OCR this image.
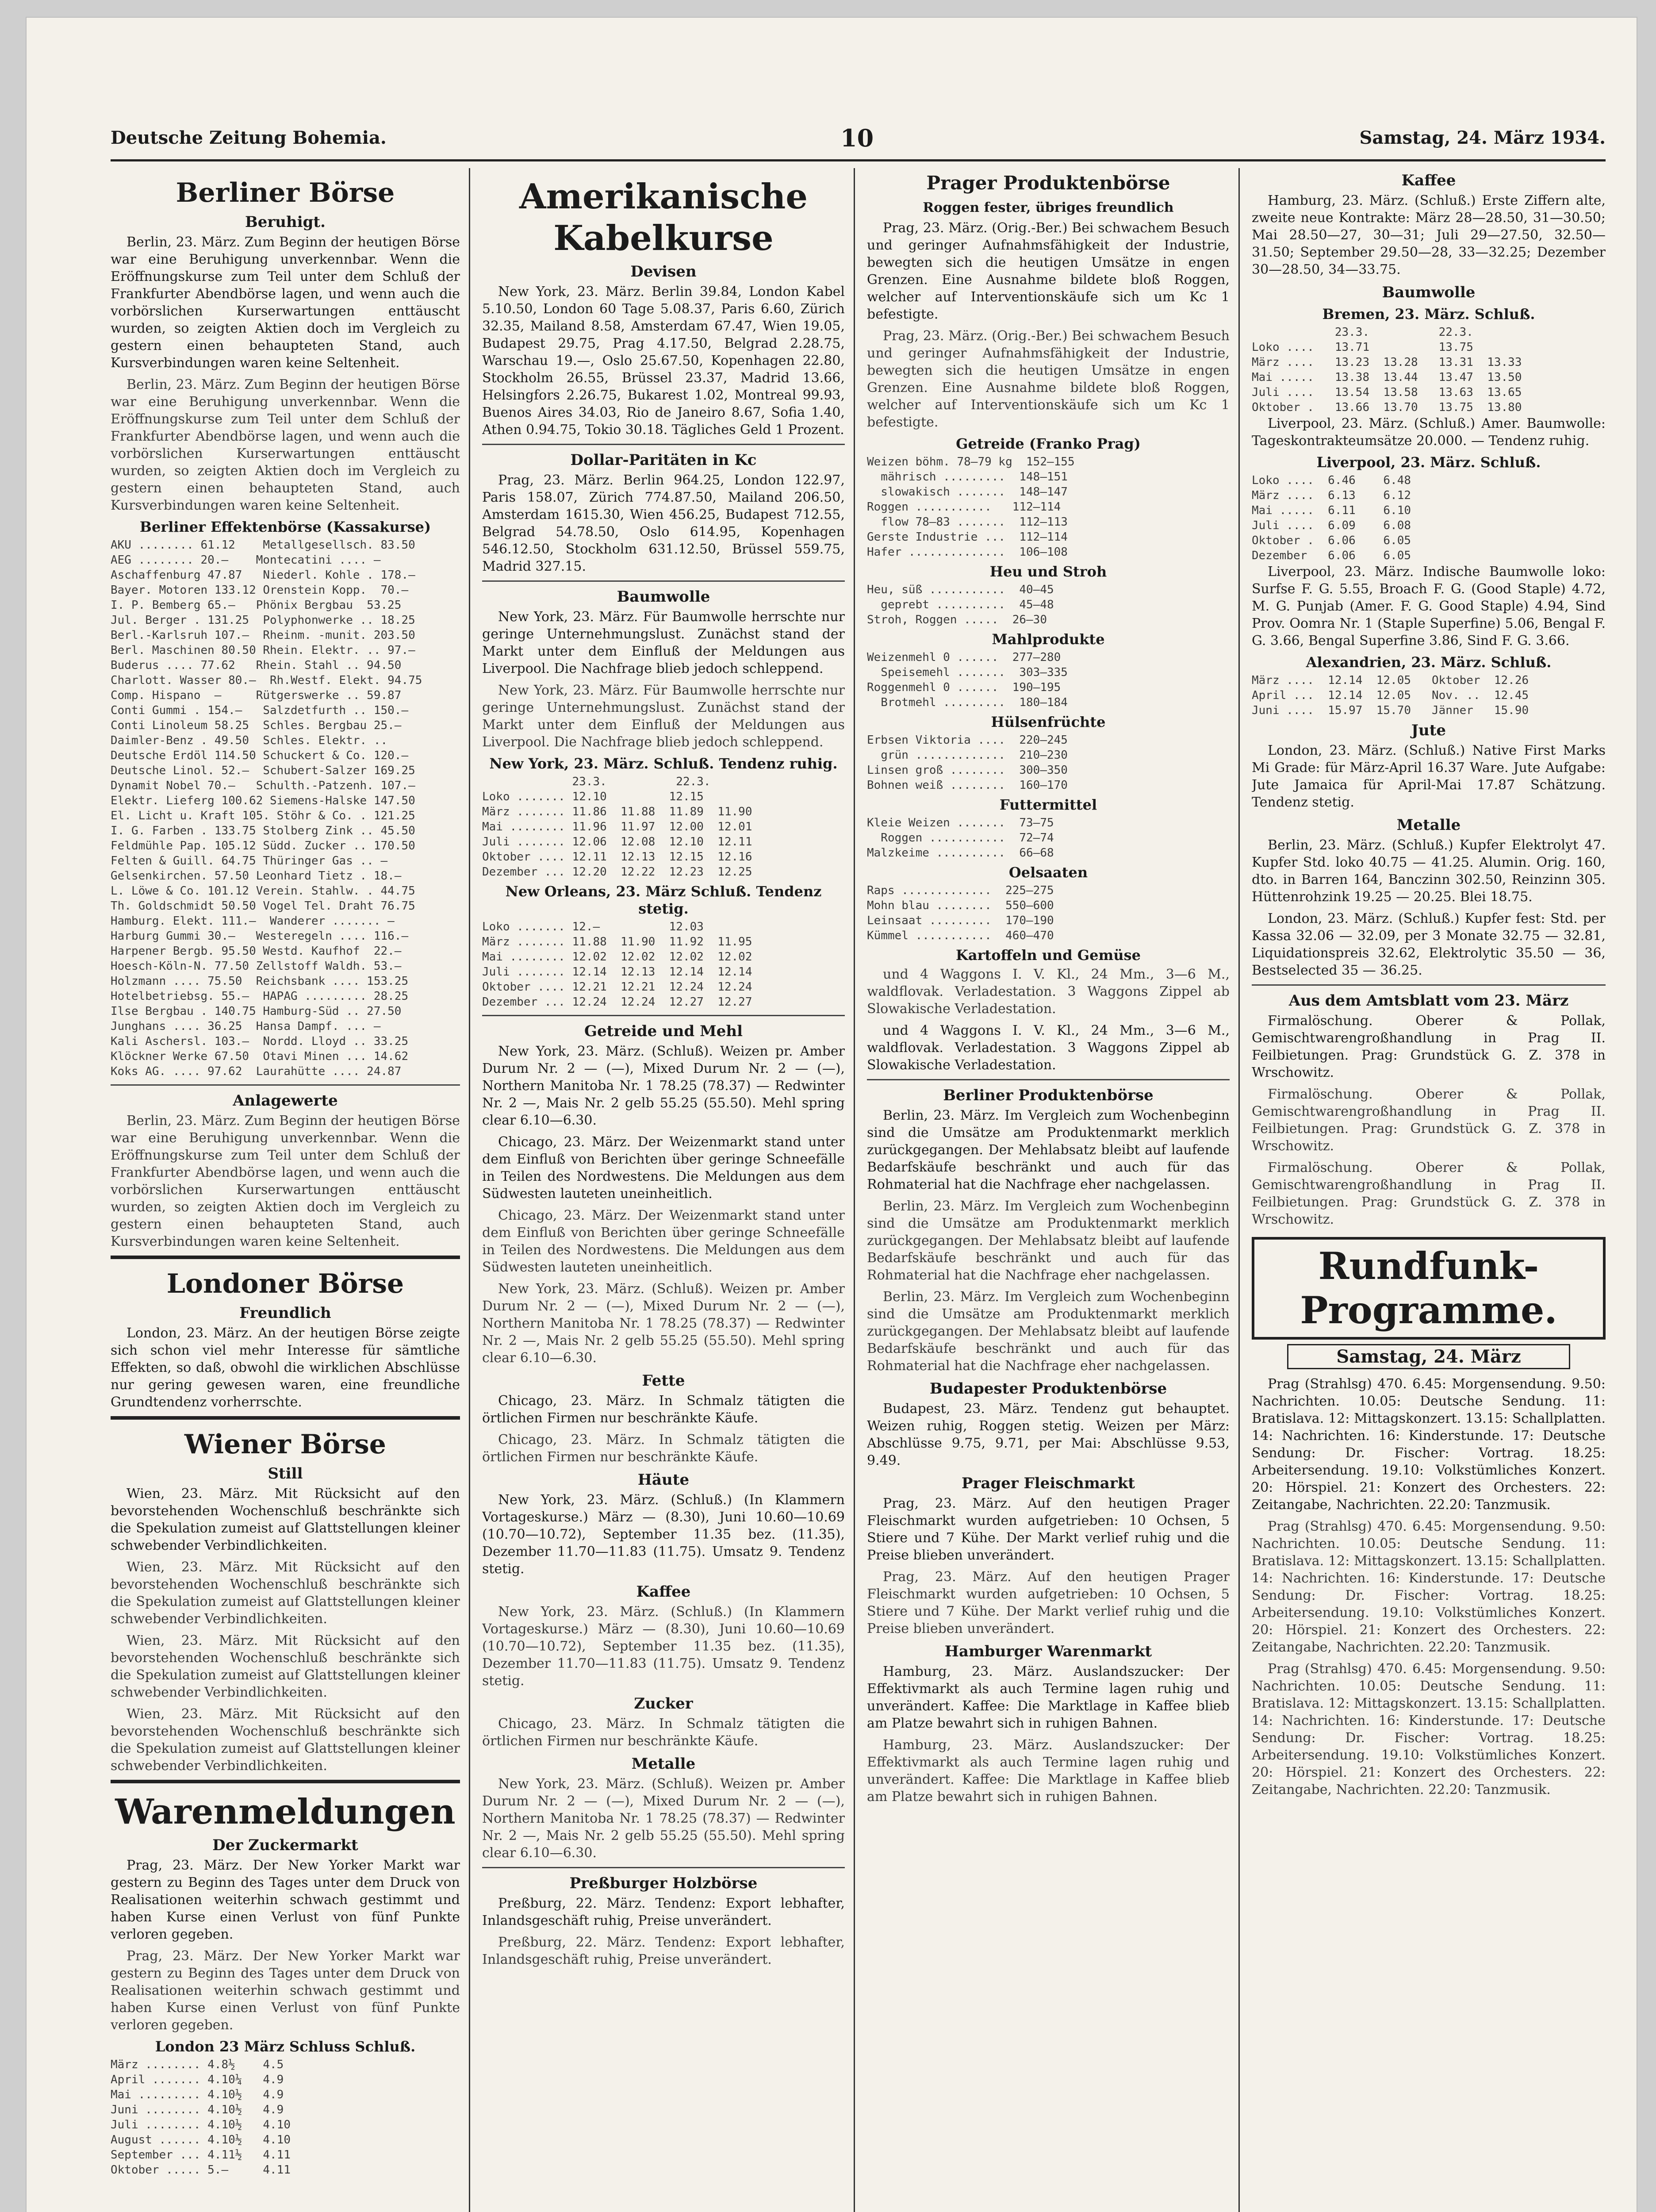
Deutsche Zeitung Bohemia.	10	Samstag, 24. März 1934.
Berliner Börse
Beruhigt.
Berlin, 23. März. Zum Beginn der heutigen Börse war eine Beruhigung unverkennbar. Wenn die Eröffnungskurse zum Teil unter dem Schluß der Frankfurter Abendbörse lagen, und wenn auch die vorbörslichen Kurserwartungen enttäuscht wurden, so zeigten Aktien doch im Vergleich zu gestern einen behaupteten Stand, auch Kursverbindungen waren keine Seltenheit.
Berlin, 23. März. Zum Beginn der heutigen Börse war eine Beruhigung unverkennbar. Wenn die Eröffnungskurse zum Teil unter dem Schluß der Frankfurter Abendbörse lagen, und wenn auch die vorbörslichen Kurserwartungen enttäuscht wurden, so zeigten Aktien doch im Vergleich zu gestern einen behaupteten Stand, auch Kursverbindungen waren keine Seltenheit.
Berliner Effektenbörse (Kassakurse)
AKU ........ 61.12    Metallgesellsch. 83.50
AEG ........ 20.—    Montecatini .... —
Aschaffenburg 47.87   Niederl. Kohle . 178.—
Bayer. Motoren 133.12 Orenstein Kopp.  70.—
I. P. Bemberg 65.—   Phönix Bergbau  53.25
Jul. Berger . 131.25  Polyphonwerke .. 18.25
Berl.-Karlsruh 107.—  Rheinm. -munit. 203.50
Berl. Maschinen 80.50 Rhein. Elektr. .. 97.—
Buderus .... 77.62   Rhein. Stahl .. 94.50
Charlott. Wasser 80.—  Rh.Westf. Elekt. 94.75
Comp. Hispano  —     Rütgerswerke .. 59.87
Conti Gummi . 154.—   Salzdetfurth .. 150.—
Conti Linoleum 58.25  Schles. Bergbau 25.—
Daimler-Benz . 49.50  Schles. Elektr. ..
Deutsche Erdöl 114.50 Schuckert & Co. 120.—
Deutsche Linol. 52.—  Schubert-Salzer 169.25
Dynamit Nobel 70.—   Schulth.-Patzenh. 107.—
Elektr. Lieferg 100.62 Siemens-Halske 147.50
El. Licht u. Kraft 105. Stöhr & Co. . 121.25
I. G. Farben . 133.75 Stolberg Zink .. 45.50
Feldmühle Pap. 105.12 Südd. Zucker .. 170.50
Felten & Guill. 64.75 Thüringer Gas .. —
Gelsenkirchen. 57.50 Leonhard Tietz . 18.—
L. Löwe & Co. 101.12 Verein. Stahlw. . 44.75
Th. Goldschmidt 50.50 Vogel Tel. Draht 76.75
Hamburg. Elekt. 111.—  Wanderer ....... —
Harburg Gummi 30.—   Westeregeln .... 116.—
Harpener Bergb. 95.50 Westd. Kaufhof  22.—
Hoesch-Köln-N. 77.50 Zellstoff Waldh. 53.—
Holzmann .... 75.50  Reichsbank .... 153.25
Hotelbetriebsg. 55.—  HAPAG ......... 28.25
Ilse Bergbau . 140.75 Hamburg-Süd .. 27.50
Junghans .... 36.25  Hansa Dampf. ... —
Kali Aschersl. 103.—  Nordd. Lloyd .. 33.25
Klöckner Werke 67.50  Otavi Minen ... 14.62
Koks AG. .... 97.62  Laurahütte .... 24.87
Anlagewerte
Berlin, 23. März. Zum Beginn der heutigen Börse war eine Beruhigung unverkennbar. Wenn die Eröffnungskurse zum Teil unter dem Schluß der Frankfurter Abendbörse lagen, und wenn auch die vorbörslichen Kurserwartungen enttäuscht wurden, so zeigten Aktien doch im Vergleich zu gestern einen behaupteten Stand, auch Kursverbindungen waren keine Seltenheit.
Londoner Börse
Freundlich
London, 23. März. An der heutigen Börse zeigte sich schon viel mehr Interesse für sämtliche Effekten, so daß, obwohl die wirklichen Abschlüsse nur gering gewesen waren, eine freundliche Grundtendenz vorherrschte.
Wiener Börse
Still
Wien, 23. März. Mit Rücksicht auf den bevorstehenden Wochenschluß beschränkte sich die Spekulation zumeist auf Glattstellungen kleiner schwebender Verbindlichkeiten.
Wien, 23. März. Mit Rücksicht auf den bevorstehenden Wochenschluß beschränkte sich die Spekulation zumeist auf Glattstellungen kleiner schwebender Verbindlichkeiten.
Wien, 23. März. Mit Rücksicht auf den bevorstehenden Wochenschluß beschränkte sich die Spekulation zumeist auf Glattstellungen kleiner schwebender Verbindlichkeiten.
Wien, 23. März. Mit Rücksicht auf den bevorstehenden Wochenschluß beschränkte sich die Spekulation zumeist auf Glattstellungen kleiner schwebender Verbindlichkeiten.
Warenmeldungen
Der Zuckermarkt
Prag, 23. März. Der New Yorker Markt war gestern zu Beginn des Tages unter dem Druck von Realisationen weiterhin schwach gestimmt und haben Kurse einen Verlust von fünf Punkte verloren gegeben.
Prag, 23. März. Der New Yorker Markt war gestern zu Beginn des Tages unter dem Druck von Realisationen weiterhin schwach gestimmt und haben Kurse einen Verlust von fünf Punkte verloren gegeben.
London 23 März Schluss Schluß.
März ........ 4.8½    4.5
April ....... 4.10¼   4.9
Mai ......... 4.10½   4.9
Juni ........ 4.10½   4.9
Juli ........ 4.10½   4.10
August ...... 4.10½   4.10
September ... 4.11½   4.11
Oktober ..... 5.—     4.11
Amerikanische Kabelkurse
Devisen
New York, 23. März. Berlin 39.84, London Kabel 5.10.50, London 60 Tage 5.08.37, Paris 6.60, Zürich 32.35, Mailand 8.58, Amsterdam 67.47, Wien 19.05, Budapest 29.75, Prag 4.17.50, Belgrad 2.28.75, Warschau 19.—, Oslo 25.67.50, Kopenhagen 22.80, Stockholm 26.55, Brüssel 23.37, Madrid 13.66, Helsingfors 2.26.75, Bukarest 1.02, Montreal 99.93, Buenos Aires 34.03, Rio de Janeiro 8.67, Sofia 1.40, Athen 0.94.75, Tokio 30.18. Tägliches Geld 1 Prozent.
Dollar-Paritäten in Kc
Prag, 23. März. Berlin 964.25, London 122.97, Paris 158.07, Zürich 774.87.50, Mailand 206.50, Amsterdam 1615.30, Wien 456.25, Budapest 712.55, Belgrad 54.78.50, Oslo 614.95, Kopenhagen 546.12.50, Stockholm 631.12.50, Brüssel 559.75, Madrid 327.15.
Baumwolle
New York, 23. März. Für Baumwolle herrschte nur geringe Unternehmungslust. Zunächst stand der Markt unter dem Einfluß der Meldungen aus Liverpool. Die Nachfrage blieb jedoch schleppend.
New York, 23. März. Für Baumwolle herrschte nur geringe Unternehmungslust. Zunächst stand der Markt unter dem Einfluß der Meldungen aus Liverpool. Die Nachfrage blieb jedoch schleppend.
New York, 23. März. Schluß. Tendenz ruhig.
23.3.          22.3.
Loko ....... 12.10         12.15
März ....... 11.86  11.88  11.89  11.90
Mai ........ 11.96  11.97  12.00  12.01
Juli ....... 12.06  12.08  12.10  12.11
Oktober .... 12.11  12.13  12.15  12.16
Dezember ... 12.20  12.22  12.23  12.25
New Orleans, 23. März Schluß. Tendenz stetig.
Loko ....... 12.—          12.03
März ....... 11.88  11.90  11.92  11.95
Mai ........ 12.02  12.02  12.02  12.02
Juli ....... 12.14  12.13  12.14  12.14
Oktober .... 12.21  12.21  12.24  12.24
Dezember ... 12.24  12.24  12.27  12.27
Getreide und Mehl
New York, 23. März. (Schluß). Weizen pr. Amber Durum Nr. 2 — (—), Mixed Durum Nr. 2 — (—), Northern Manitoba Nr. 1 78.25 (78.37) — Redwinter Nr. 2 —, Mais Nr. 2 gelb 55.25 (55.50). Mehl spring clear 6.10—6.30.
Chicago, 23. März. Der Weizenmarkt stand unter dem Einfluß von Berichten über geringe Schneefälle in Teilen des Nordwestens. Die Meldungen aus dem Südwesten lauteten uneinheitlich.
Chicago, 23. März. Der Weizenmarkt stand unter dem Einfluß von Berichten über geringe Schneefälle in Teilen des Nordwestens. Die Meldungen aus dem Südwesten lauteten uneinheitlich.
New York, 23. März. (Schluß). Weizen pr. Amber Durum Nr. 2 — (—), Mixed Durum Nr. 2 — (—), Northern Manitoba Nr. 1 78.25 (78.37) — Redwinter Nr. 2 —, Mais Nr. 2 gelb 55.25 (55.50). Mehl spring clear 6.10—6.30.
Fette
Chicago, 23. März. In Schmalz tätigten die örtlichen Firmen nur beschränkte Käufe.
Chicago, 23. März. In Schmalz tätigten die örtlichen Firmen nur beschränkte Käufe.
Häute
New York, 23. März. (Schluß.) (In Klammern Vortageskurse.) März — (8.30), Juni 10.60—10.69 (10.70—10.72), September 11.35 bez. (11.35), Dezember 11.70—11.83 (11.75). Umsatz 9. Tendenz stetig.
Kaffee
New York, 23. März. (Schluß.) (In Klammern Vortageskurse.) März — (8.30), Juni 10.60—10.69 (10.70—10.72), September 11.35 bez. (11.35), Dezember 11.70—11.83 (11.75). Umsatz 9. Tendenz stetig.
Zucker
Chicago, 23. März. In Schmalz tätigten die örtlichen Firmen nur beschränkte Käufe.
Metalle
New York, 23. März. (Schluß). Weizen pr. Amber Durum Nr. 2 — (—), Mixed Durum Nr. 2 — (—), Northern Manitoba Nr. 1 78.25 (78.37) — Redwinter Nr. 2 —, Mais Nr. 2 gelb 55.25 (55.50). Mehl spring clear 6.10—6.30.
Preßburger Holzbörse
Preßburg, 22. März. Tendenz: Export lebhafter, Inlandsgeschäft ruhig, Preise unverändert.
Preßburg, 22. März. Tendenz: Export lebhafter, Inlandsgeschäft ruhig, Preise unverändert.
Prager Produktenbörse
Roggen fester, übriges freundlich
Prag, 23. März. (Orig.-Ber.) Bei schwachem Besuch und geringer Aufnahmsfähigkeit der Industrie, bewegten sich die heutigen Umsätze in engen Grenzen. Eine Ausnahme bildete bloß Roggen, welcher auf Interventionskäufe sich um Kc 1 befestigte.
Prag, 23. März. (Orig.-Ber.) Bei schwachem Besuch und geringer Aufnahmsfähigkeit der Industrie, bewegten sich die heutigen Umsätze in engen Grenzen. Eine Ausnahme bildete bloß Roggen, welcher auf Interventionskäufe sich um Kc 1 befestigte.
Getreide (Franko Prag)
Weizen böhm. 78—79 kg  152—155
mährisch .........  148—151
slowakisch .......  148—147
Roggen ...........   112—114
flow 78—83 .......  112—113
Gerste Industrie ...  112—114
Hafer ..............  106—108
Heu und Stroh
Heu, süß ...........  40—45
geprebt ..........  45—48
Stroh, Roggen .....  26—30
Mahlprodukte
Weizenmehl 0 ......  277—280
Speisemehl .......  303—335
Roggenmehl 0 ......  190—195
Brotmehl .........  180—184
Hülsenfrüchte
Erbsen Viktoria ....  220—245
grün .............  210—230
Linsen groß ........  300—350
Bohnen weiß ........  160—170
Futtermittel
Kleie Weizen .......  73—75
Roggen ...........  72—74
Malzkeime ..........  66—68
Oelsaaten
Raps .............  225—275
Mohn blau ........  550—600
Leinsaat .........  170—190
Kümmel ...........  460—470
Kartoffeln und Gemüse
und 4 Waggons I. V. Kl., 24 Mm., 3—6 M., waldflovak. Verladestation. 3 Waggons Zippel ab Slowakische Verladestation.
und 4 Waggons I. V. Kl., 24 Mm., 3—6 M., waldflovak. Verladestation. 3 Waggons Zippel ab Slowakische Verladestation.
Berliner Produktenbörse
Berlin, 23. März. Im Vergleich zum Wochenbeginn sind die Umsätze am Produktenmarkt merklich zurückgegangen. Der Mehlabsatz bleibt auf laufende Bedarfskäufe beschränkt und auch für das Rohmaterial hat die Nachfrage eher nachgelassen.
Berlin, 23. März. Im Vergleich zum Wochenbeginn sind die Umsätze am Produktenmarkt merklich zurückgegangen. Der Mehlabsatz bleibt auf laufende Bedarfskäufe beschränkt und auch für das Rohmaterial hat die Nachfrage eher nachgelassen.
Berlin, 23. März. Im Vergleich zum Wochenbeginn sind die Umsätze am Produktenmarkt merklich zurückgegangen. Der Mehlabsatz bleibt auf laufende Bedarfskäufe beschränkt und auch für das Rohmaterial hat die Nachfrage eher nachgelassen.
Budapester Produktenbörse
Budapest, 23. März. Tendenz gut behauptet. Weizen ruhig, Roggen stetig. Weizen per März: Abschlüsse 9.75, 9.71, per Mai: Abschlüsse 9.53, 9.49.
Prager Fleischmarkt
Prag, 23. März. Auf den heutigen Prager Fleischmarkt wurden aufgetrieben: 10 Ochsen, 5 Stiere und 7 Kühe. Der Markt verlief ruhig und die Preise blieben unverändert.
Prag, 23. März. Auf den heutigen Prager Fleischmarkt wurden aufgetrieben: 10 Ochsen, 5 Stiere und 7 Kühe. Der Markt verlief ruhig und die Preise blieben unverändert.
Hamburger Warenmarkt
Hamburg, 23. März. Auslandszucker: Der Effektivmarkt als auch Termine lagen ruhig und unverändert. Kaffee: Die Marktlage in Kaffee blieb am Platze bewahrt sich in ruhigen Bahnen.
Hamburg, 23. März. Auslandszucker: Der Effektivmarkt als auch Termine lagen ruhig und unverändert. Kaffee: Die Marktlage in Kaffee blieb am Platze bewahrt sich in ruhigen Bahnen.
Kaffee
Hamburg, 23. März. (Schluß.) Erste Ziffern alte, zweite neue Kontrakte: März 28—28.50, 31—30.50; Mai 28.50—27, 30—31; Juli 29—27.50, 32.50—31.50; September 29.50—28, 33—32.25; Dezember 30—28.50, 34—33.75.
Baumwolle
Bremen, 23. März. Schluß.
23.3.          22.3.
Loko ....   13.71          13.75
März ....   13.23  13.28   13.31  13.33
Mai .....   13.38  13.44   13.47  13.50
Juli ....   13.54  13.58   13.63  13.65
Oktober .   13.66  13.70   13.75  13.80
Liverpool, 23. März. (Schluß.) Amer. Baumwolle: Tageskontrakteumsätze 20.000. — Tendenz ruhig.
Liverpool, 23. März. Schluß.
Loko ....  6.46    6.48
März ....  6.13    6.12
Mai .....  6.11    6.10
Juli ....  6.09    6.08
Oktober .  6.06    6.05
Dezember   6.06    6.05
Liverpool, 23. März. Indische Baumwolle loko: Surfse F. G. 5.55, Broach F. G. (Good Staple) 4.72, M. G. Punjab (Amer. F. G. Good Staple) 4.94, Sind Prov. Oomra Nr. 1 (Staple Superfine) 5.06, Bengal F. G. 3.66, Bengal Superfine 3.86, Sind F. G. 3.66.
Alexandrien, 23. März. Schluß.
März ....  12.14  12.05   Oktober  12.26
April ...  12.14  12.05   Nov. ..  12.45
Juni ....  15.97  15.70   Jänner   15.90
Jute
London, 23. März. (Schluß.) Native First Marks Mi Grade: für März-April 16.37 Ware. Jute Aufgabe: Jute Jamaica für April-Mai 17.87 Schätzung. Tendenz stetig.
Metalle
Berlin, 23. März. (Schluß.) Kupfer Elektrolyt 47. Kupfer Std. loko 40.75 — 41.25. Alumin. Orig. 160, dto. in Barren 164, Banczinn 302.50, Reinzinn 305. Hüttenrohzink 19.25 — 20.25. Blei 18.75.
London, 23. März. (Schluß.) Kupfer fest: Std. per Kassa 32.06 — 32.09, per 3 Monate 32.75 — 32.81, Liquidationspreis 32.62, Elektrolytic 35.50 — 36, Bestselected 35 — 36.25.
Aus dem Amtsblatt vom 23. März
Firmalöschung. Oberer & Pollak, Gemischtwarengroßhandlung in Prag II. Feilbietungen. Prag: Grundstück G. Z. 378 in Wrschowitz.
Firmalöschung. Oberer & Pollak, Gemischtwarengroßhandlung in Prag II. Feilbietungen. Prag: Grundstück G. Z. 378 in Wrschowitz.
Firmalöschung. Oberer & Pollak, Gemischtwarengroßhandlung in Prag II. Feilbietungen. Prag: Grundstück G. Z. 378 in Wrschowitz.
Rundfunk-Programme.
Samstag, 24. März
Prag (Strahlsg) 470. 6.45: Morgensendung. 9.50: Nachrichten. 10.05: Deutsche Sendung. 11: Bratislava. 12: Mittagskonzert. 13.15: Schallplatten. 14: Nachrichten. 16: Kinderstunde. 17: Deutsche Sendung: Dr. Fischer: Vortrag. 18.25: Arbeitersendung. 19.10: Volkstümliches Konzert. 20: Hörspiel. 21: Konzert des Orchesters. 22: Zeitangabe, Nachrichten. 22.20: Tanzmusik.
Prag (Strahlsg) 470. 6.45: Morgensendung. 9.50: Nachrichten. 10.05: Deutsche Sendung. 11: Bratislava. 12: Mittagskonzert. 13.15: Schallplatten. 14: Nachrichten. 16: Kinderstunde. 17: Deutsche Sendung: Dr. Fischer: Vortrag. 18.25: Arbeitersendung. 19.10: Volkstümliches Konzert. 20: Hörspiel. 21: Konzert des Orchesters. 22: Zeitangabe, Nachrichten. 22.20: Tanzmusik.
Prag (Strahlsg) 470. 6.45: Morgensendung. 9.50: Nachrichten. 10.05: Deutsche Sendung. 11: Bratislava. 12: Mittagskonzert. 13.15: Schallplatten. 14: Nachrichten. 16: Kinderstunde. 17: Deutsche Sendung: Dr. Fischer: Vortrag. 18.25: Arbeitersendung. 19.10: Volkstümliches Konzert. 20: Hörspiel. 21: Konzert des Orchesters. 22: Zeitangabe, Nachrichten. 22.20: Tanzmusik.
